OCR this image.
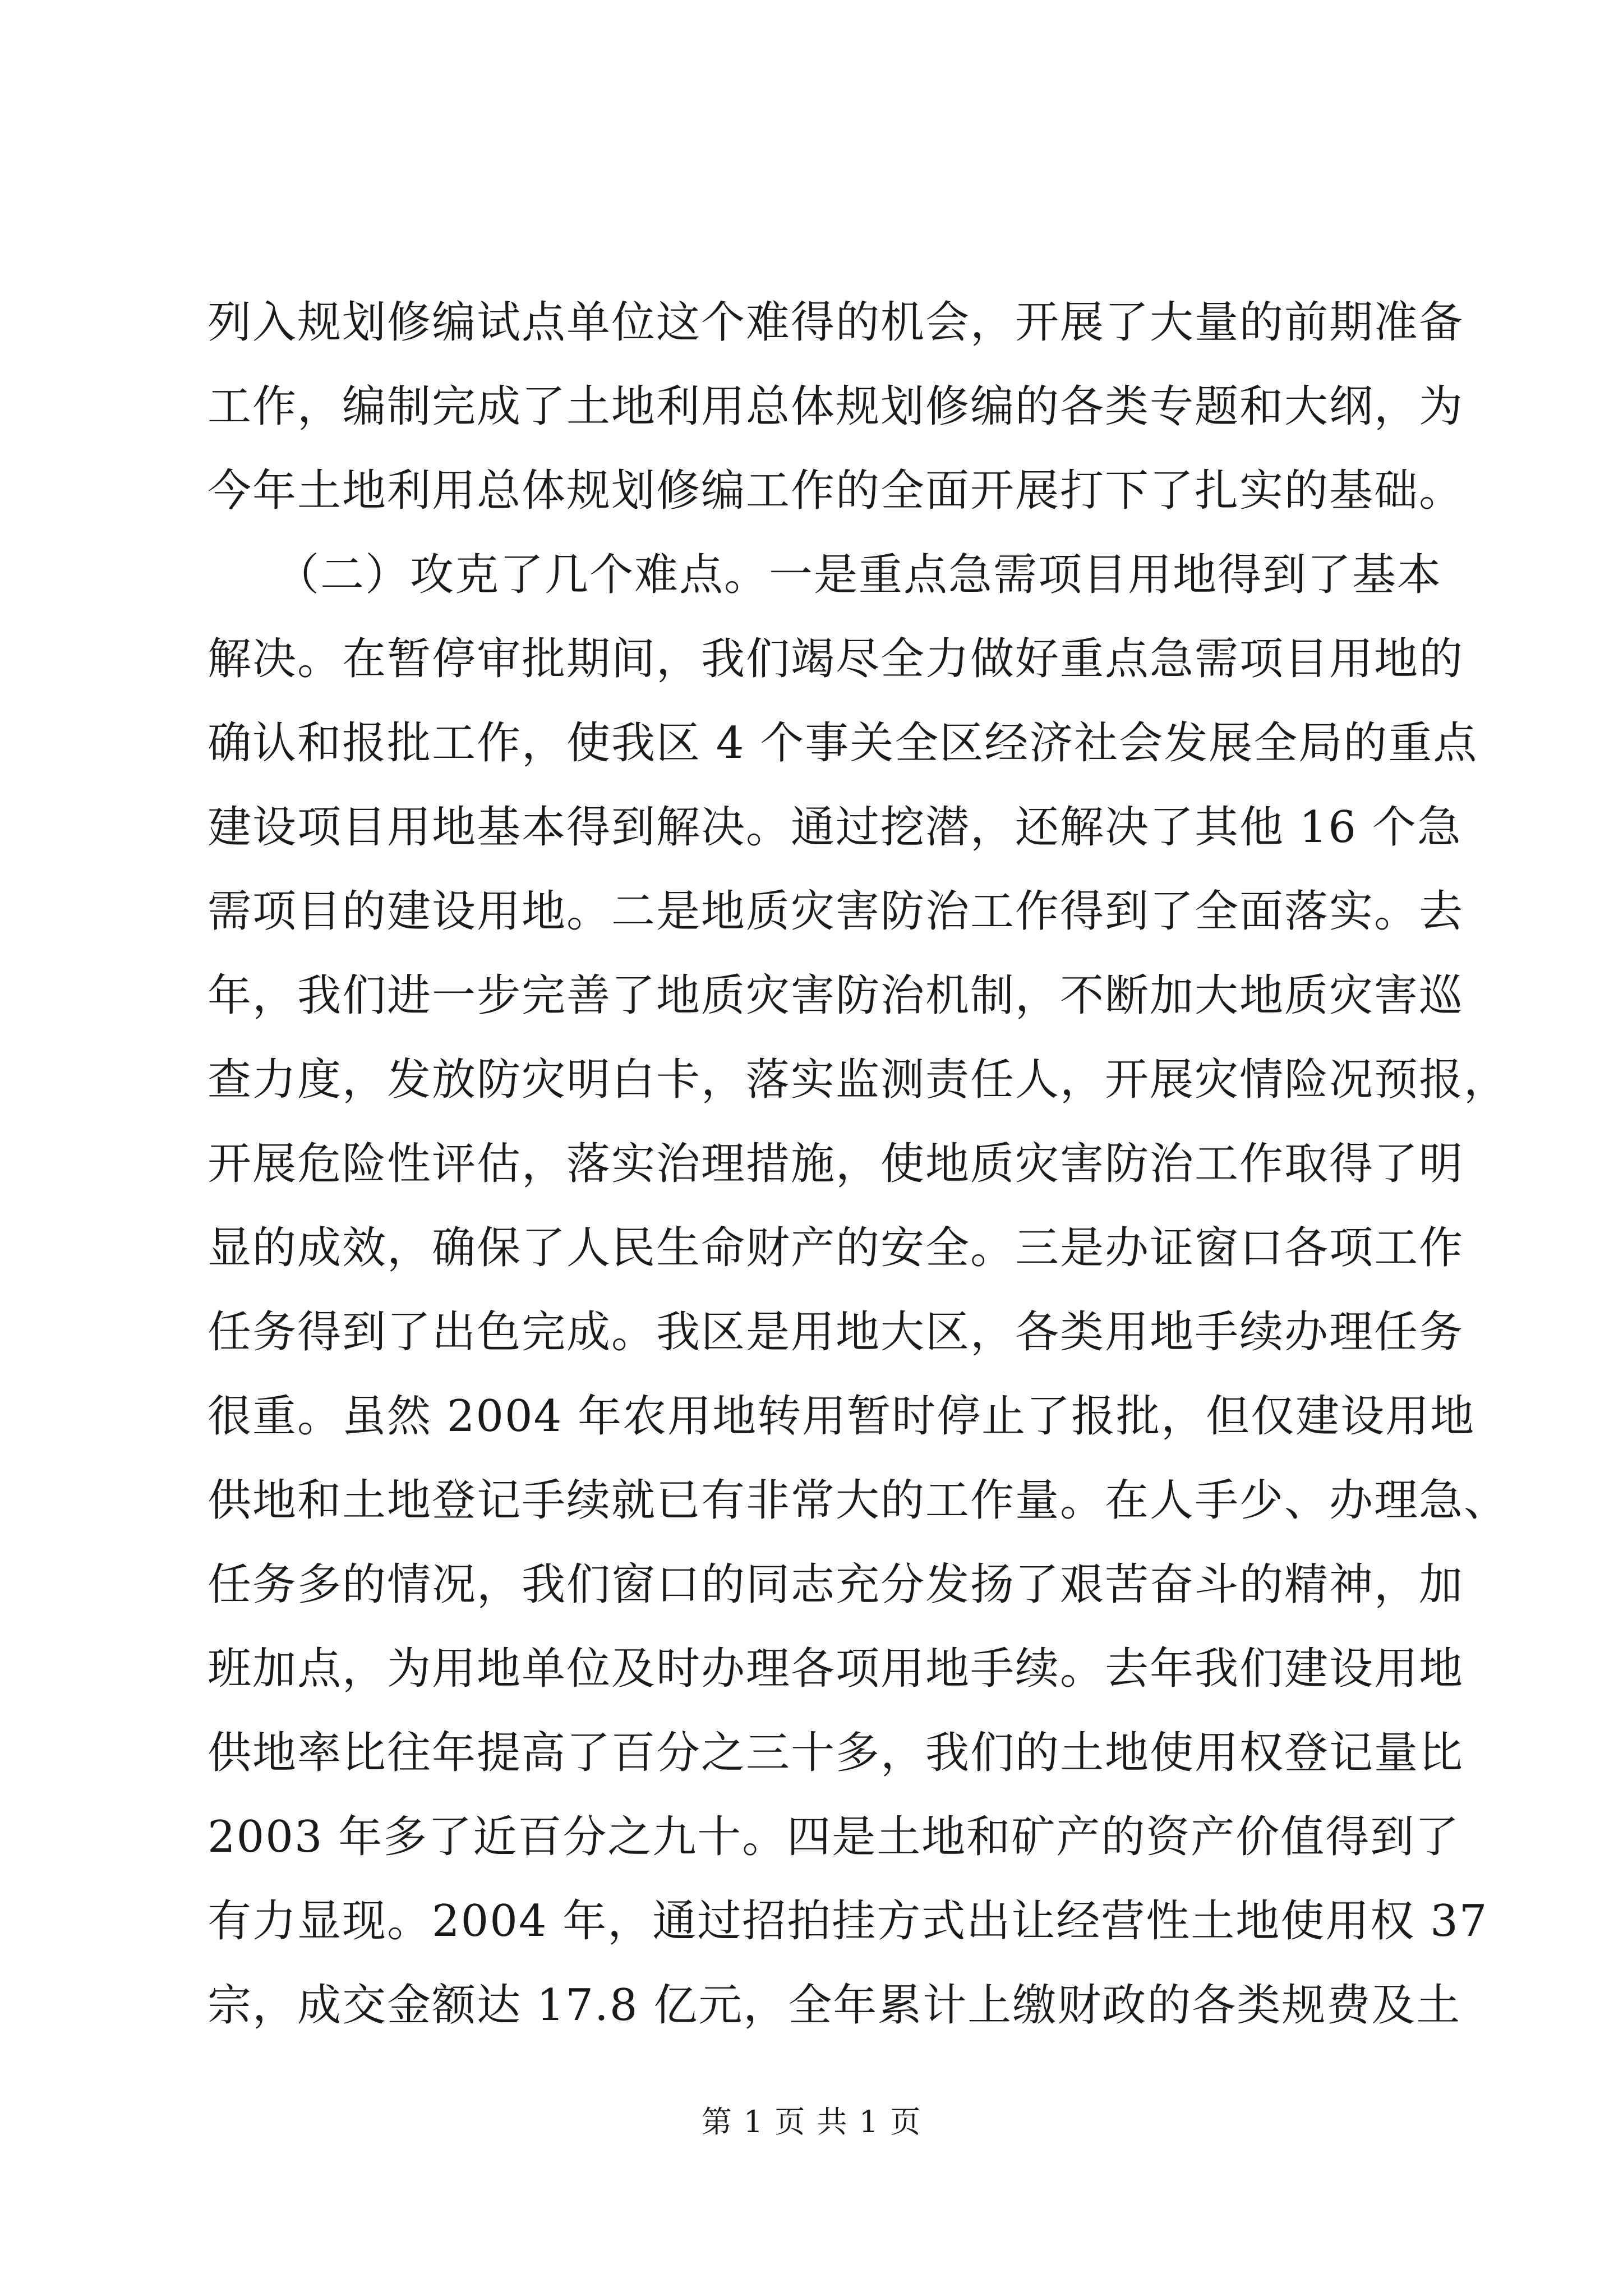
列入规划修编试点单位这个难得的机会，开展了大量的前期准备
工作，编制完成了土地利用总体规划修编的各类专题和大纲，为
今年土地利用总体规划修编工作的全面开展打下了扎实的基础。
　　（二）攻克了几个难点。一是重点急需项目用地得到了基本
解决。在暂停审批期间，我们竭尽全力做好重点急需项目用地的
确认和报批工作，使我区 4 个事关全区经济社会发展全局的重点
建设项目用地基本得到解决。通过挖潜，还解决了其他 16 个急
需项目的建设用地。二是地质灾害防治工作得到了全面落实。去
年，我们进一步完善了地质灾害防治机制，不断加大地质灾害巡
查力度，发放防灾明白卡，落实监测责任人，开展灾情险况预报，
开展危险性评估，落实治理措施，使地质灾害防治工作取得了明
显的成效，确保了人民生命财产的安全。三是办证窗口各项工作
任务得到了出色完成。我区是用地大区，各类用地手续办理任务
很重。虽然 2004 年农用地转用暂时停止了报批，但仅建设用地
供地和土地登记手续就已有非常大的工作量。在人手少、办理急、
任务多的情况，我们窗口的同志充分发扬了艰苦奋斗的精神，加
班加点，为用地单位及时办理各项用地手续。去年我们建设用地
供地率比往年提高了百分之三十多，我们的土地使用权登记量比
2003 年多了近百分之九十。四是土地和矿产的资产价值得到了
有力显现。2004 年，通过招拍挂方式出让经营性土地使用权 37
宗，成交金额达 17.8 亿元，全年累计上缴财政的各类规费及土
第 1 页 共 1 页
